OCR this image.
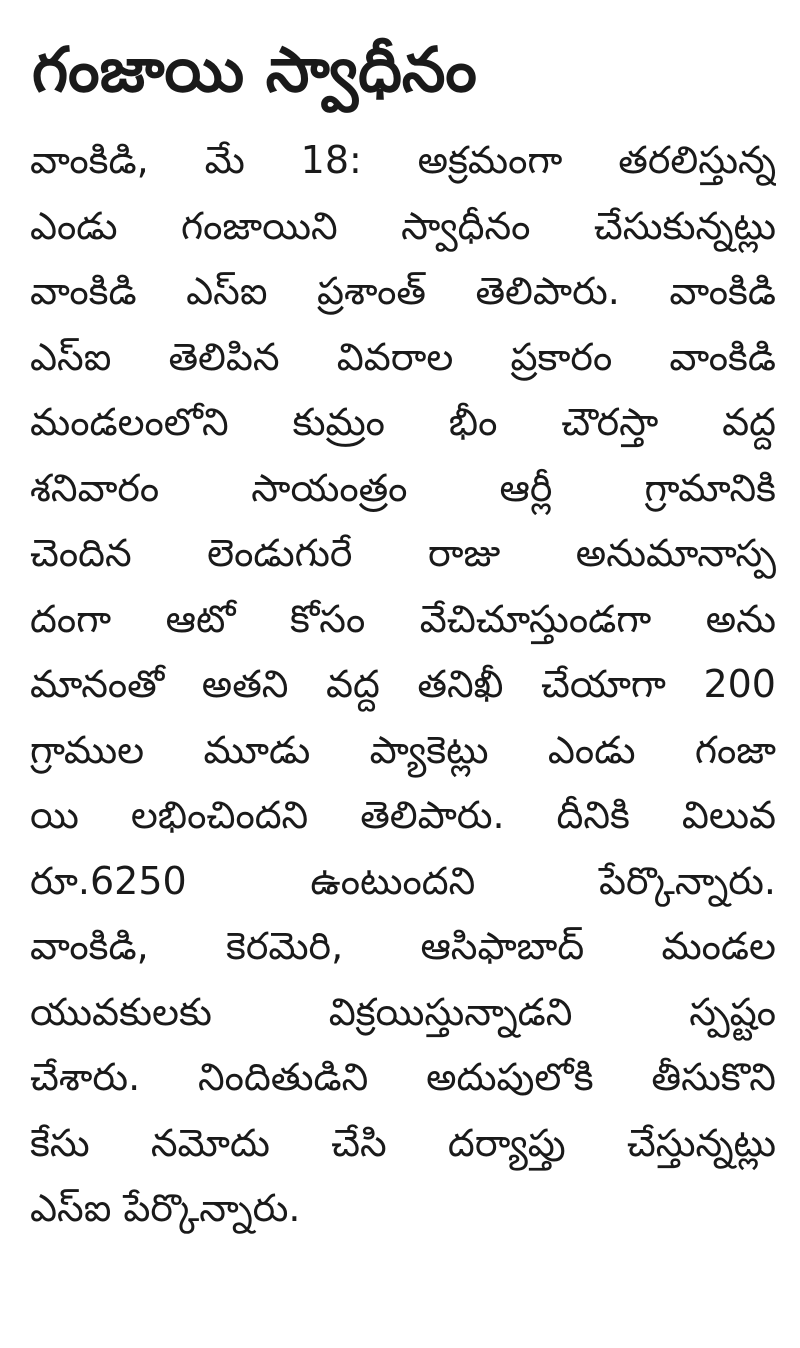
గంజాయి స్వాధీనం
వాంకిడి, మే 18: అక్రమంగా తరలిస్తున్న
ఎండు గంజాయిని స్వాధీనం చేసుకున్నట్లు
వాంకిడి ఎస్ఐ ప్రశాంత్ తెలిపారు. వాంకిడి
ఎస్ఐ తెలిపిన వివరాల ప్రకారం వాంకిడి
మండలంలోని కుమ్రం భీం చౌరస్తా వద్ద
శనివారం సాయంత్రం ఆర్లీ గ్రామానికి
చెందిన లెండుగురే రాజు అనుమానాస్ప
దంగా ఆటో కోసం వేచిచూస్తుండగా అను
మానంతో అతని వద్ద తనిఖీ చేయాగా 200
గ్రాముల మూడు ప్యాకెట్లు ఎండు గంజా
యి లభించిందని తెలిపారు. దీనికి విలువ
రూ.6250 ఉంటుందని పేర్కొన్నారు.
వాంకిడి, కెరమెరి, ఆసిఫాబాద్ మండల
యువకులకు విక్రయిస్తున్నాడని స్పష్టం
చేశారు. నిందితుడిని అదుపులోకి తీసుకొని
కేసు నమోదు చేసి దర్యాప్తు చేస్తున్నట్లు
ఎస్ఐ పేర్కొన్నారు.
